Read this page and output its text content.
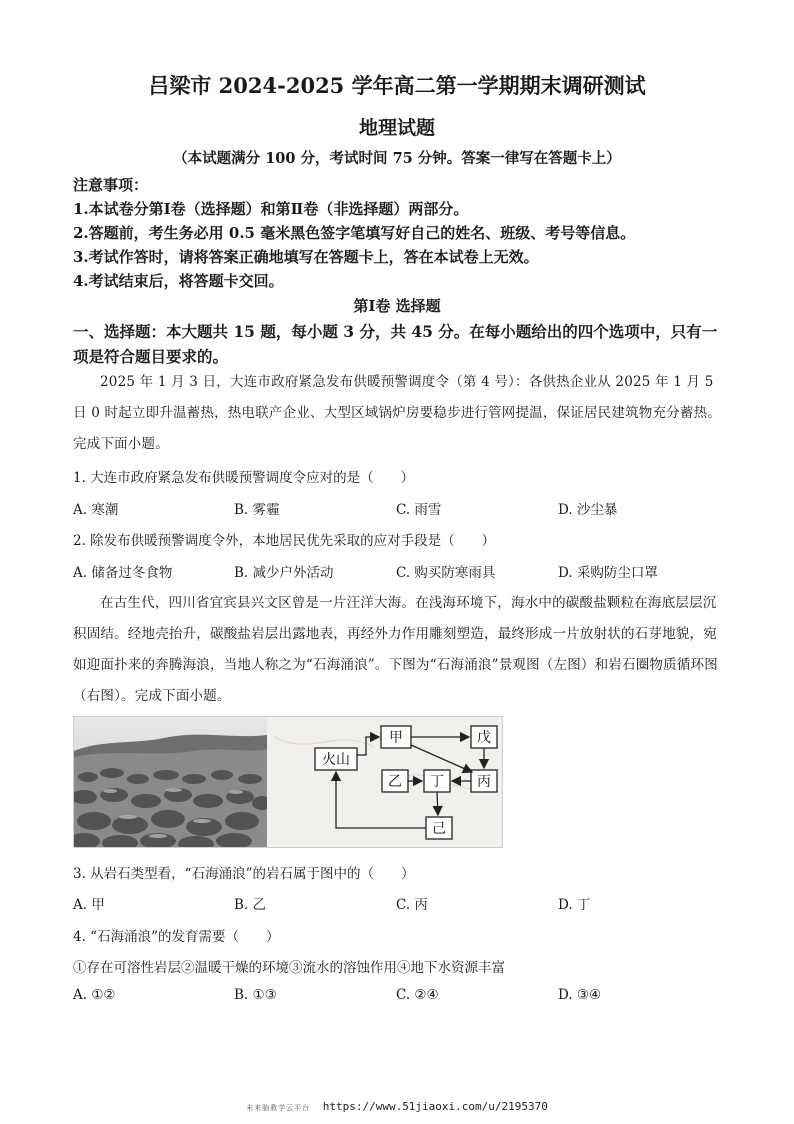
吕梁市 2024-2025 学年高二第一学期期末调研测试
地理试题
（本试题满分 100 分，考试时间 75 分钟。答案一律写在答题卡上）
注意事项：
1.本试卷分第Ⅰ卷（选择题）和第Ⅱ卷（非选择题）两部分。
2.答题前，考生务必用 0.5 毫米黑色签字笔填写好自己的姓名、班级、考号等信息。
3.考试作答时，请将答案正确地填写在答题卡上，答在本试卷上无效。
4.考试结束后，将答题卡交回。
第Ⅰ卷 选择题
一、选择题：本大题共 15 题，每小题 3 分，共 45 分。在每小题给出的四个选项中，只有一项是符合题目要求的。
2025 年 1 月 3 日，大连市政府紧急发布供暖预警调度令（第 4 号）：各供热企业从 2025 年 1 月 5 日 0 时起立即升温蓄热，热电联产企业、大型区域锅炉房要稳步进行管网提温，保证居民建筑物充分蓄热。完成下面小题。
1. 大连市政府紧急发布供暖预警调度令应对的是（　　）
A. 寒潮	B. 雾霾	C. 雨雪	D. 沙尘暴
2. 除发布供暖预警调度令外，本地居民优先采取的应对手段是（　　）
A. 储备过冬食物	B. 减少户外活动	C. 购买防寒雨具	D. 采购防尘口罩
在古生代，四川省宜宾县兴文区曾是一片汪洋大海。在浅海环境下，海水中的碳酸盐颗粒在海底层层沉积固结。经地壳抬升，碳酸盐岩层出露地表，再经外力作用雕刻塑造，最终形成一片放射状的石芽地貌，宛如迎面扑来的奔腾海浪，当地人称之为“石海涌浪”。下图为“石海涌浪”景观图（左图）和岩石圈物质循环图（右图）。完成下面小题。
甲	戊
火山
乙 丁 丙
己
3. 从岩石类型看，“石海涌浪”的岩石属于图中的（　　）
A. 甲	B. 乙	C. 丙	D. 丁
4. “石海涌浪”的发育需要（　　）
①存在可溶性岩层②温暖干燥的环境③流水的溶蚀作用④地下水资源丰富
A. ①②	B. ①③	C. ②④	D. ③④
未来脑教学云平台 https://www.51jiaoxi.com/u/2195370
